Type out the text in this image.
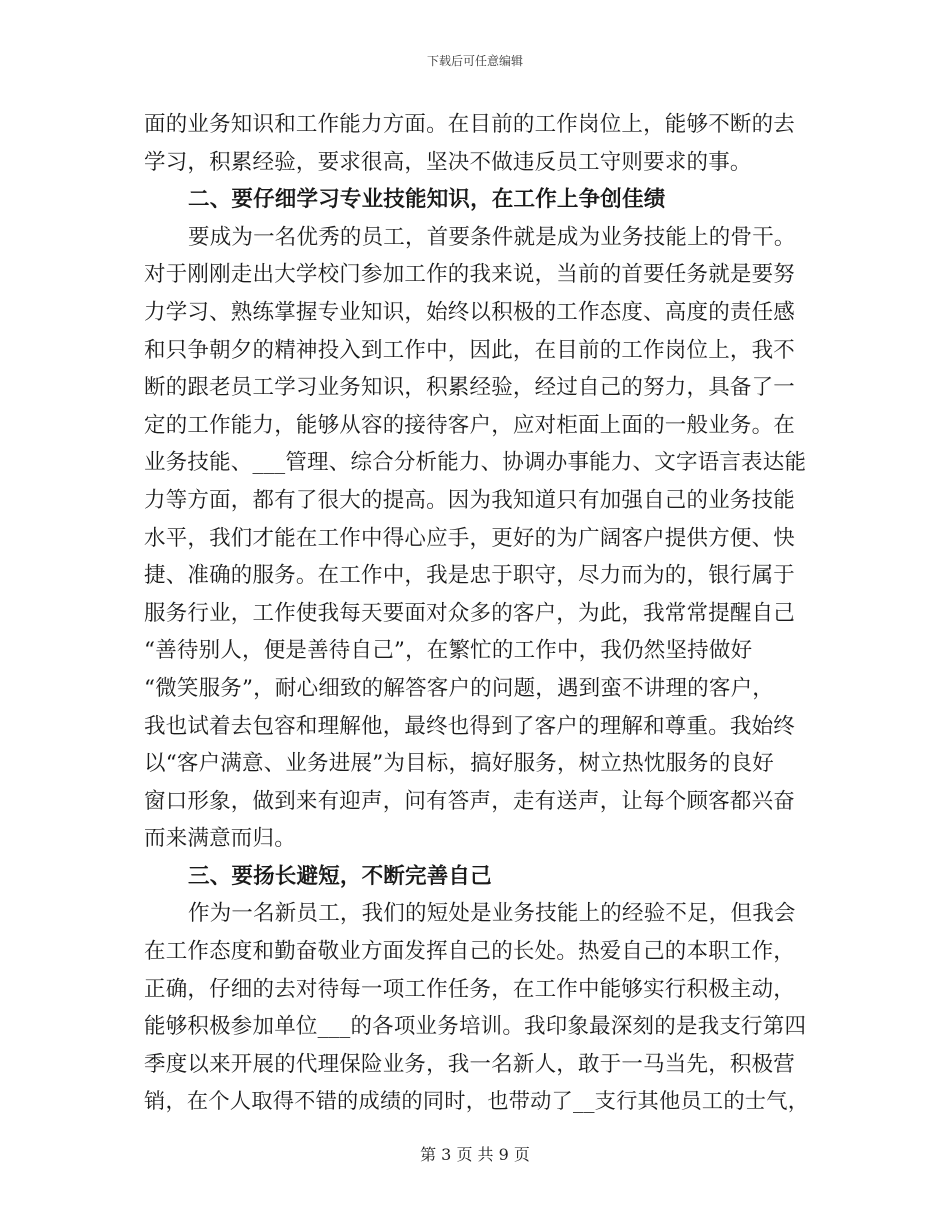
下载后可任意编辑
面的业务知识和工作能力方面。在目前的工作岗位上，能够不断的去
学习，积累经验，要求很高，坚决不做违反员工守则要求的事。
二、要仔细学习专业技能知识，在工作上争创佳绩
要成为一名优秀的员工，首要条件就是成为业务技能上的骨干。
对于刚刚走出大学校门参加工作的我来说，当前的首要任务就是要努
力学习、熟练掌握专业知识，始终以积极的工作态度、高度的责任感
和只争朝夕的精神投入到工作中，因此，在目前的工作岗位上，我不
断的跟老员工学习业务知识，积累经验，经过自己的努力，具备了一
定的工作能力，能够从容的接待客户，应对柜面上面的一般业务。在
业务技能、___管理、综合分析能力、协调办事能力、文字语言表达能
力等方面，都有了很大的提高。因为我知道只有加强自己的业务技能
水平，我们才能在工作中得心应手，更好的为广阔客户提供方便、快
捷、准确的服务。在工作中，我是忠于职守，尽力而为的，银行属于
服务行业，工作使我每天要面对众多的客户，为此，我常常提醒自己
“善待别人，便是善待自己”，在繁忙的工作中，我仍然坚持做好
“微笑服务”，耐心细致的解答客户的问题，遇到蛮不讲理的客户，
我也试着去包容和理解他，最终也得到了客户的理解和尊重。我始终
以“客户满意、业务进展”为目标，搞好服务，树立热忱服务的良好
窗口形象，做到来有迎声，问有答声，走有送声，让每个顾客都兴奋
而来满意而归。
三、要扬长避短，不断完善自己
作为一名新员工，我们的短处是业务技能上的经验不足，但我会
在工作态度和勤奋敬业方面发挥自己的长处。热爱自己的本职工作，
正确，仔细的去对待每一项工作任务，在工作中能够实行积极主动，
能够积极参加单位___的各项业务培训。我印象最深刻的是我支行第四
季度以来开展的代理保险业务，我一名新人，敢于一马当先，积极营
销，在个人取得不错的成绩的同时，也带动了__支行其他员工的士气，
第 3 页 共 9 页
